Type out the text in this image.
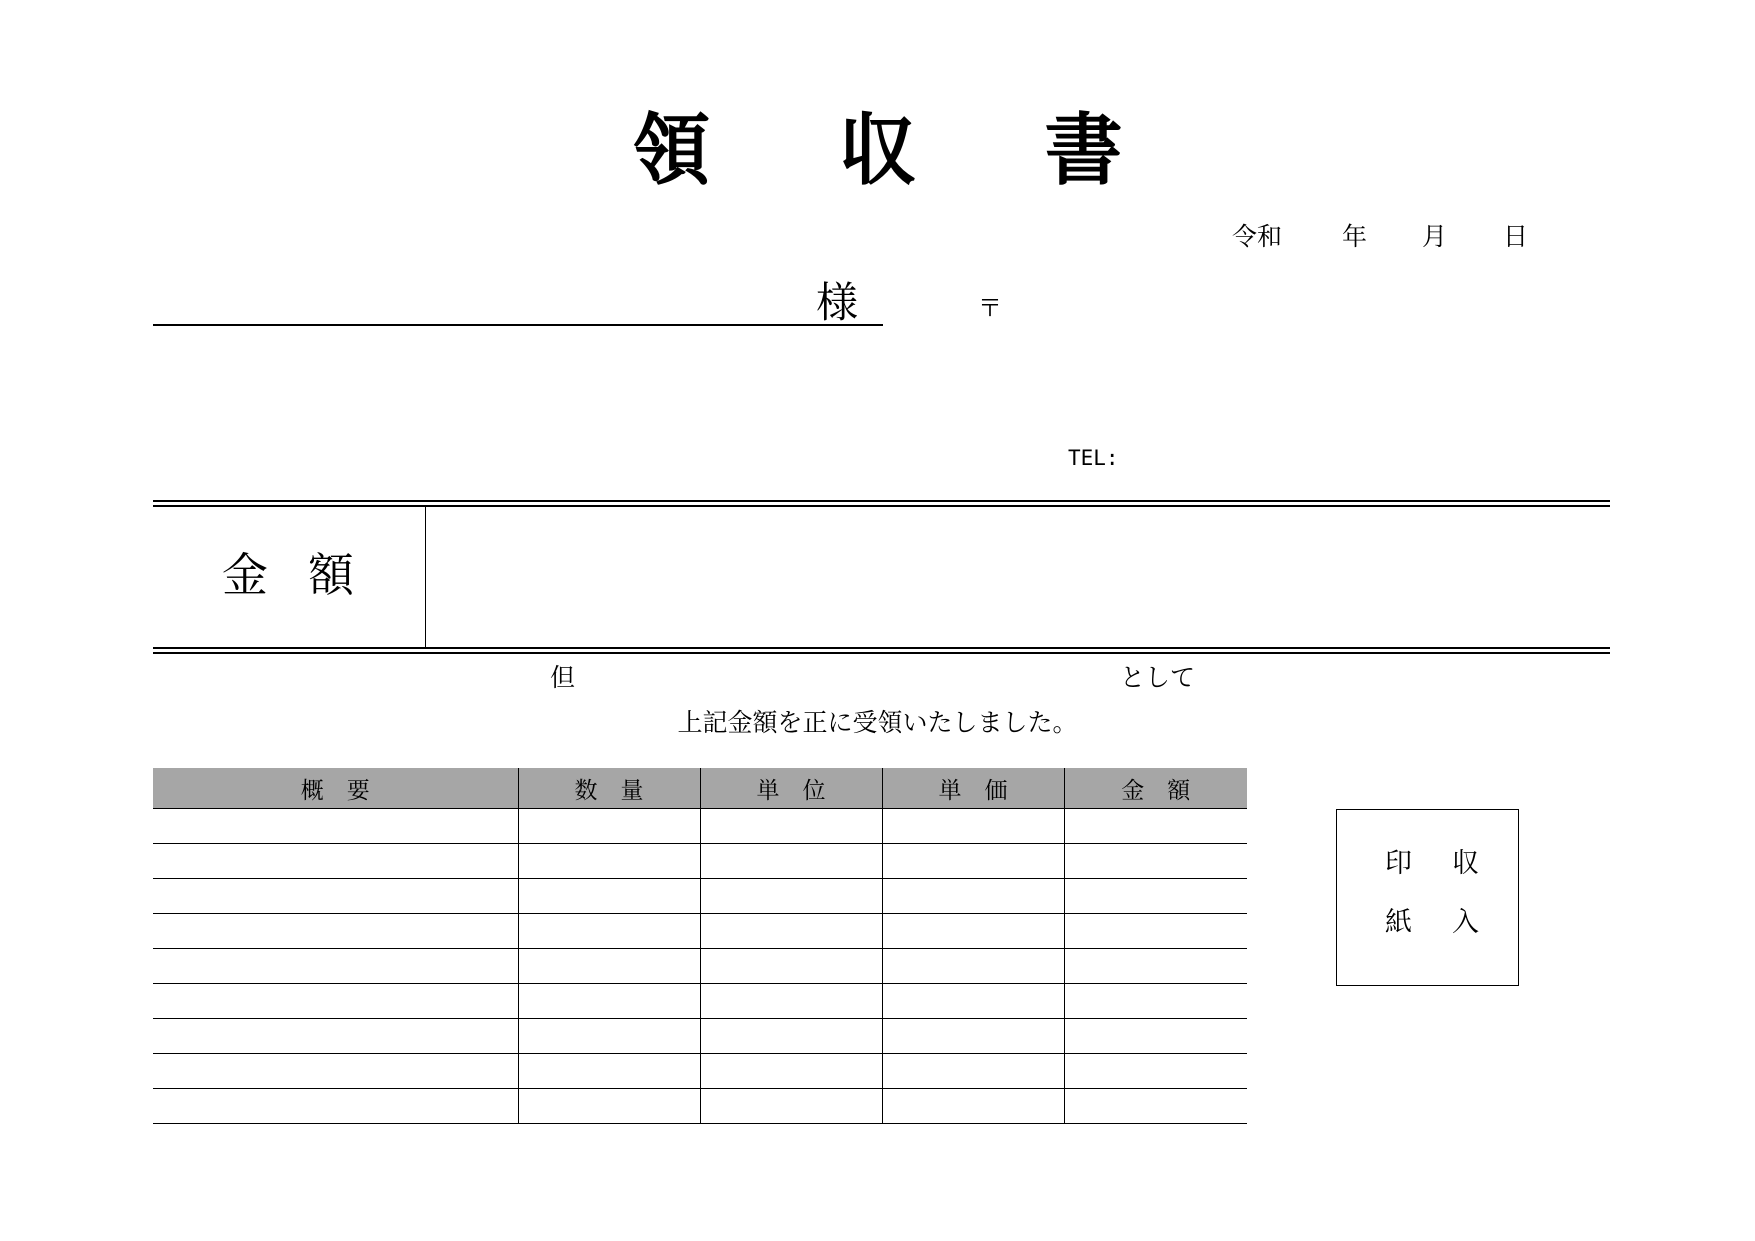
領 収 書
令和 年 月 日
様	〒
TEL:
金 額
但	として
上記金額を正に受領いたしました。
概　要	数　量	単　位	単　価	金　額

印 収
紙 入
